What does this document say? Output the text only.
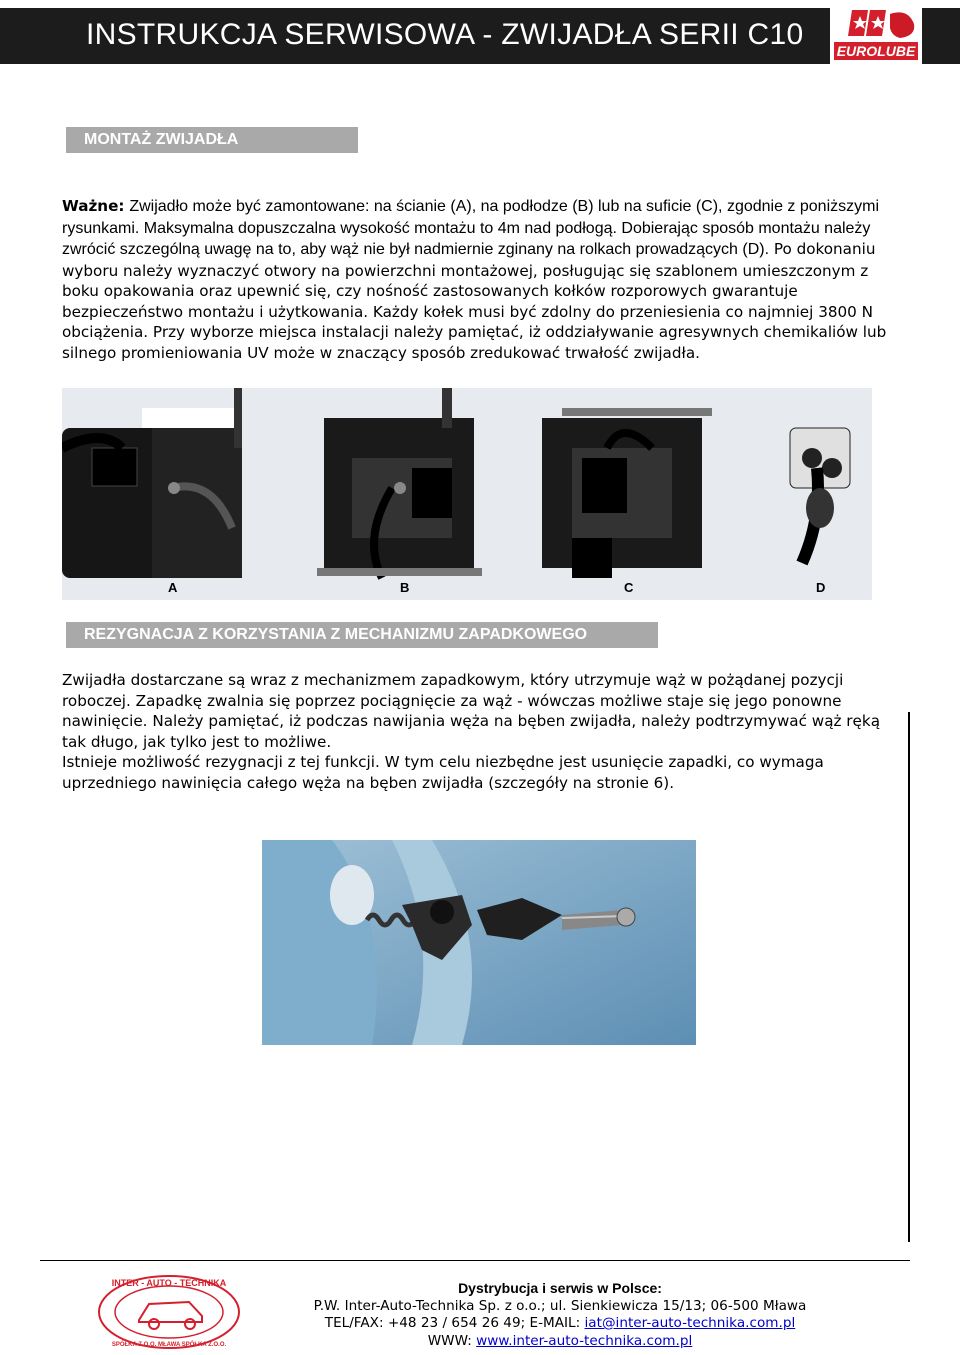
INSTRUKCJA SERWISOWA - ZWIJADŁA SERII C10 EUROLUBE
MONTAŻ ZWIJADŁA
Ważne: Zwijadło może być zamontowane: na ścianie (A), na podłodze (B) lub na suficie (C), zgodnie z poniższymi rysunkami. Maksymalna dopuszczalna wysokość montażu to 4m nad podłogą. Dobierając sposób montażu należy zwrócić szczególną uwagę na to, aby wąż nie był nadmiernie zginany na rolkach prowadzących (D). Po dokonaniu wyboru należy wyznaczyć otwory na powierzchni montażowej, posługując się szablonem umieszczonym z boku opakowania oraz upewnić się, czy nośność zastosowanych kołków rozporowych gwarantuje bezpieczeństwo montażu i użytkowania. Każdy kołek musi być zdolny do przeniesienia co najmniej 3800 N obciążenia. Przy wyborze miejsca instalacji należy pamiętać, iż oddziaływanie agresywnych chemikaliów lub silnego promieniowania UV może w znaczący sposób zredukować trwałość zwijadła.
A	B	C	D
REZYGNACJA Z KORZYSTANIA Z MECHANIZMU ZAPADKOWEGO
Zwijadła dostarczane są wraz z mechanizmem zapadkowym, który utrzymuje wąż w pożądanej pozycji roboczej. Zapadkę zwalnia się poprzez pociągnięcie za wąż - wówczas możliwe staje się jego ponowne nawinięcie. Należy pamiętać, iż podczas nawijania węża na bęben zwijadła, należy podtrzymywać wąż ręką tak długo, jak tylko jest to możliwe.
Istnieje możliwość rezygnacji z tej funkcji. W tym celu niezbędne jest usunięcie zapadki, co wymaga uprzedniego nawinięcia całego węża na bęben zwijadła (szczegóły na stronie 6).
INTER - AUTO - TECHNIKA
SPÓŁKA Z.O.O. MŁAWA SPÓŁKA Z.O.O.
Dystrybucja i serwis w Polsce:
P.W. Inter-Auto-Technika Sp. z o.o.; ul. Sienkiewicza 15/13; 06-500 Mława
TEL/FAX: +48 23 / 654 26 49; E-MAIL: iat@inter-auto-technika.com.pl
WWW: www.inter-auto-technika.com.pl
